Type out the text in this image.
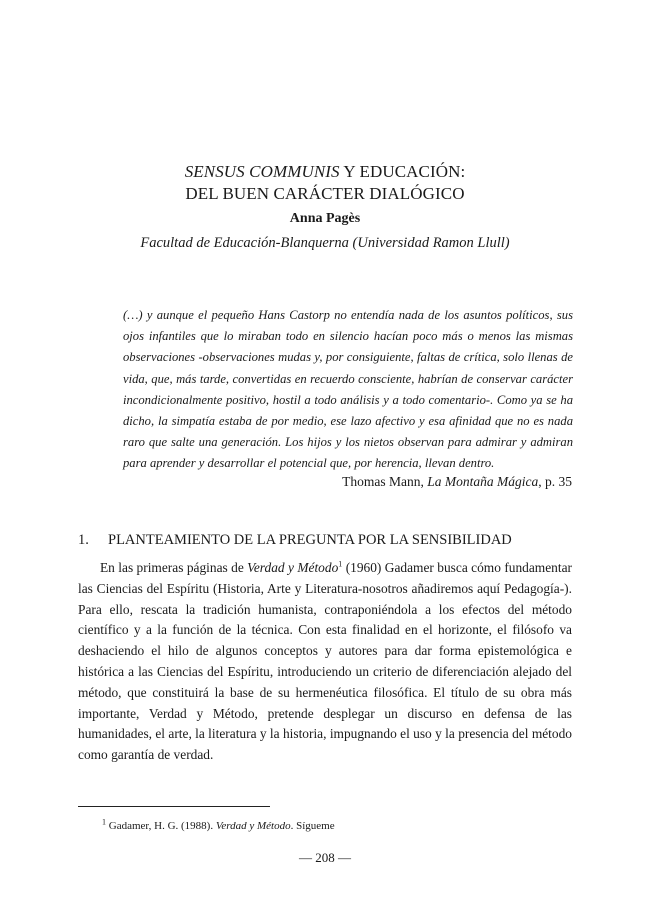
SENSUS COMMUNIS Y EDUCACIÓN:
DEL BUEN CARÁCTER DIALÓGICO
Anna Pagès
Facultad de Educación-Blanquerna (Universidad Ramon Llull)
(…) y aunque el pequeño Hans Castorp no entendía nada de los asuntos políticos, sus ojos infantiles que lo miraban todo en silencio hacían poco más o menos las mismas observaciones -observaciones mudas y, por consiguiente, faltas de crítica, solo llenas de vida, que, más tarde, convertidas en recuerdo consciente, habrían de conservar carácter incondicionalmente positivo, hostil a todo análisis y a todo comentario-. Como ya se ha dicho, la simpatía estaba de por medio, ese lazo afectivo y esa afinidad que no es nada raro que salte una generación. Los hijos y los nietos observan para admirar y admiran para aprender y desarrollar el potencial que, por herencia, llevan dentro.
Thomas Mann, La Montaña Mágica, p. 35
1.	PLANTEAMIENTO DE LA PREGUNTA POR LA SENSIBILIDAD
En las primeras páginas de Verdad y Método$^1$ (1960) Gadamer busca cómo fundamentar las Ciencias del Espíritu (Historia, Arte y Literatura-nosotros añadiremos aquí Pedagogía-). Para ello, rescata la tradición humanista, contraponiéndola a los efectos del método científico y a la función de la técnica. Con esta finalidad en el horizonte, el filósofo va deshaciendo el hilo de algunos conceptos y autores para dar forma epistemológica e histórica a las Ciencias del Espíritu, introduciendo un criterio de diferenciación alejado del método, que constituirá la base de su hermenéutica filosófica. El título de su obra más importante, Verdad y Método, pretende desplegar un discurso en defensa de las humanidades, el arte, la literatura y la historia, impugnando el uso y la presencia del método como garantía de verdad.
$^1$ Gadamer, H. G. (1988). Verdad y Método. Sígueme
— 208 —
